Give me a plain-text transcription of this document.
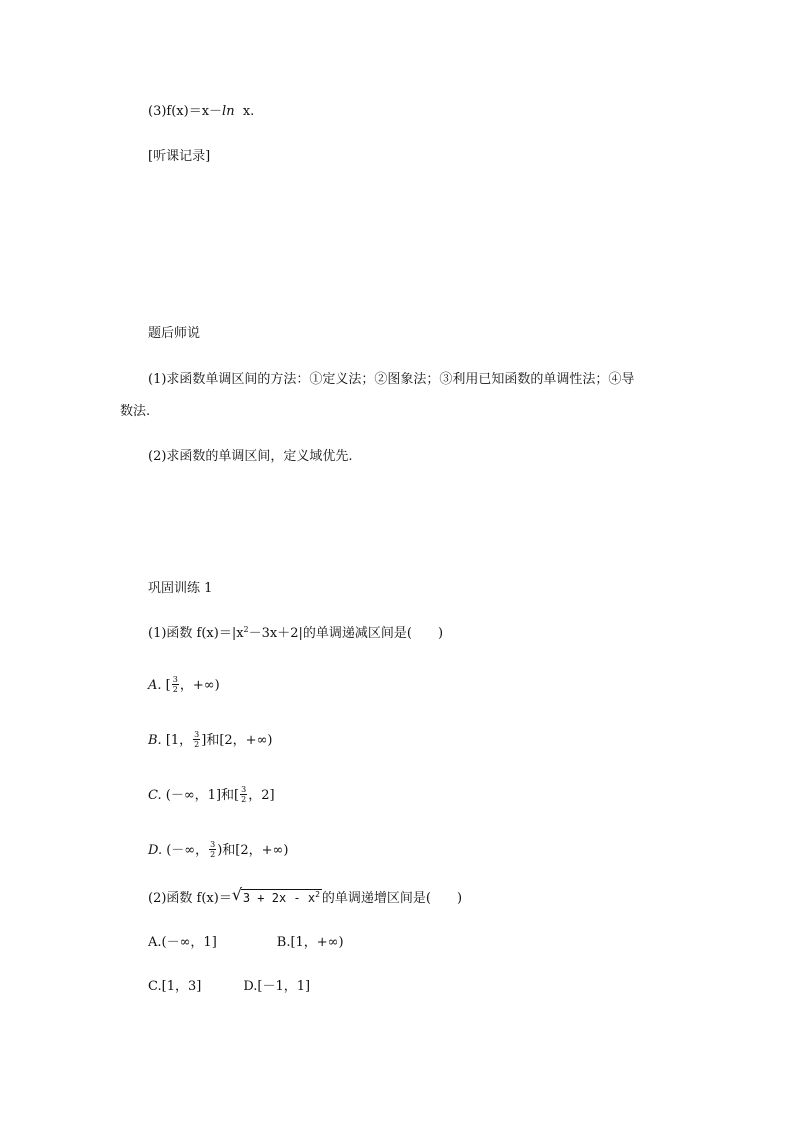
(3)f(x)＝x－ln x.
[听课记录]
题后师说
(1)求函数单调区间的方法：①定义法；②图象法；③利用已知函数的单调性法；④导
数法.
(2)求函数的单调区间，定义域优先.
巩固训练 1
(1)函数 $f(x)=|x^2-3x+2|$的单调递减区间是(　　)
A. [ $\frac{3}{2}$ ，+∞)
B. [1， $\frac{3}{2}$ ]和[2，+∞)
C. (－∞，1]和[ $\frac{3}{2}$ ，2]
D. (－∞， $\frac{3}{2}$ )和[2，+∞)
(2)函数 f(x)＝ √ $3 + 2x - x^2$ 的单调递增区间是(　　)
A.(－∞，1]	B.[1，+∞)
C.[1，3]	D.[－1，1]
